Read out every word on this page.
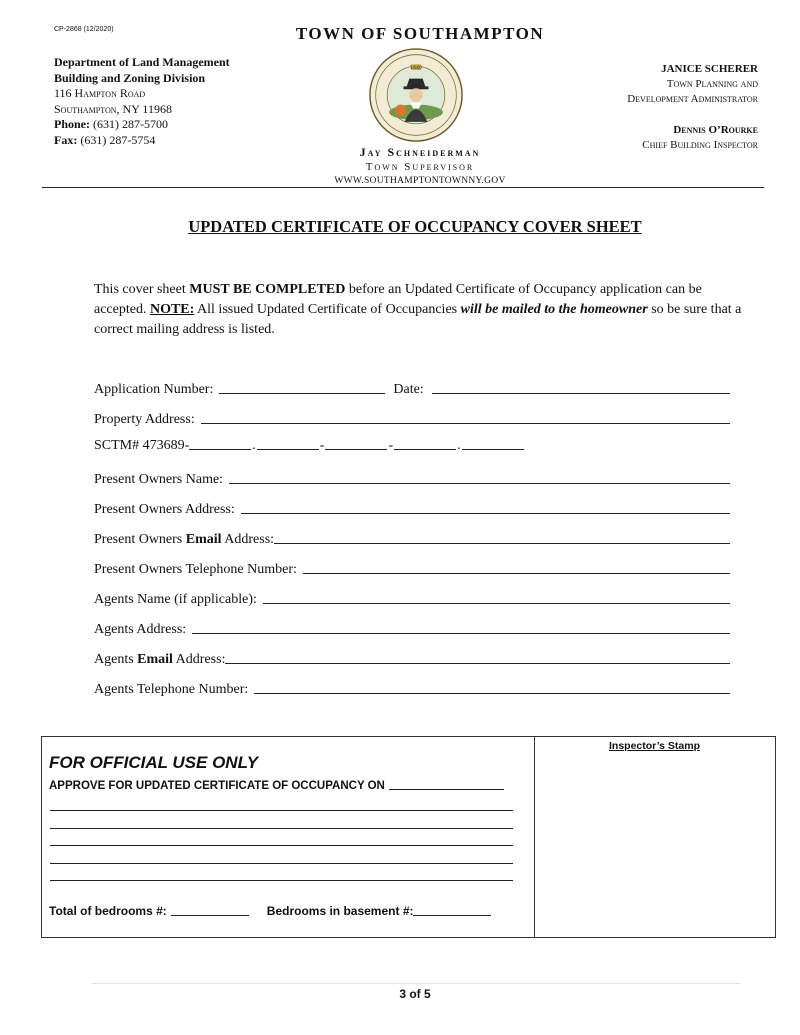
CP-2868 (12/2020)	TOWN OF SOUTHAMPTON
Department of Land Management
Building and Zoning Division
116 Hampton Road
Southampton, NY 11968
Phone: (631) 287-5700
Fax: (631) 287-5754
1640	JANICE SCHERER
Town Planning and
Development Administrator
Dennis O’Rourke
Chief Building Inspector
Jay Schneiderman
Town Supervisor
WWW.SOUTHAMPTONTOWNNY.GOV
UPDATED CERTIFICATE OF OCCUPANCY COVER SHEET
This cover sheet MUST BE COMPLETED before an Updated Certificate of Occupancy application can be accepted. NOTE: All issued Updated Certificate of Occupancies will be mailed to the homeowner so be sure that a correct mailing address is listed.
Application Number:	Date:
Property Address:
SCTM# 473689-	.	-	-	.
Present Owners Name:
Present Owners Address:
Present Owners Email Address:
Present Owners Telephone Number:
Agents Name (if applicable):
Agents Address:
Agents Email Address:
Agents Telephone Number:
FOR OFFICIAL USE ONLY
APPROVE FOR UPDATED CERTIFICATE OF OCCUPANCY ON
Total of bedrooms #:	Bedrooms in basement #:
Inspector’s Stamp
3 of 5
